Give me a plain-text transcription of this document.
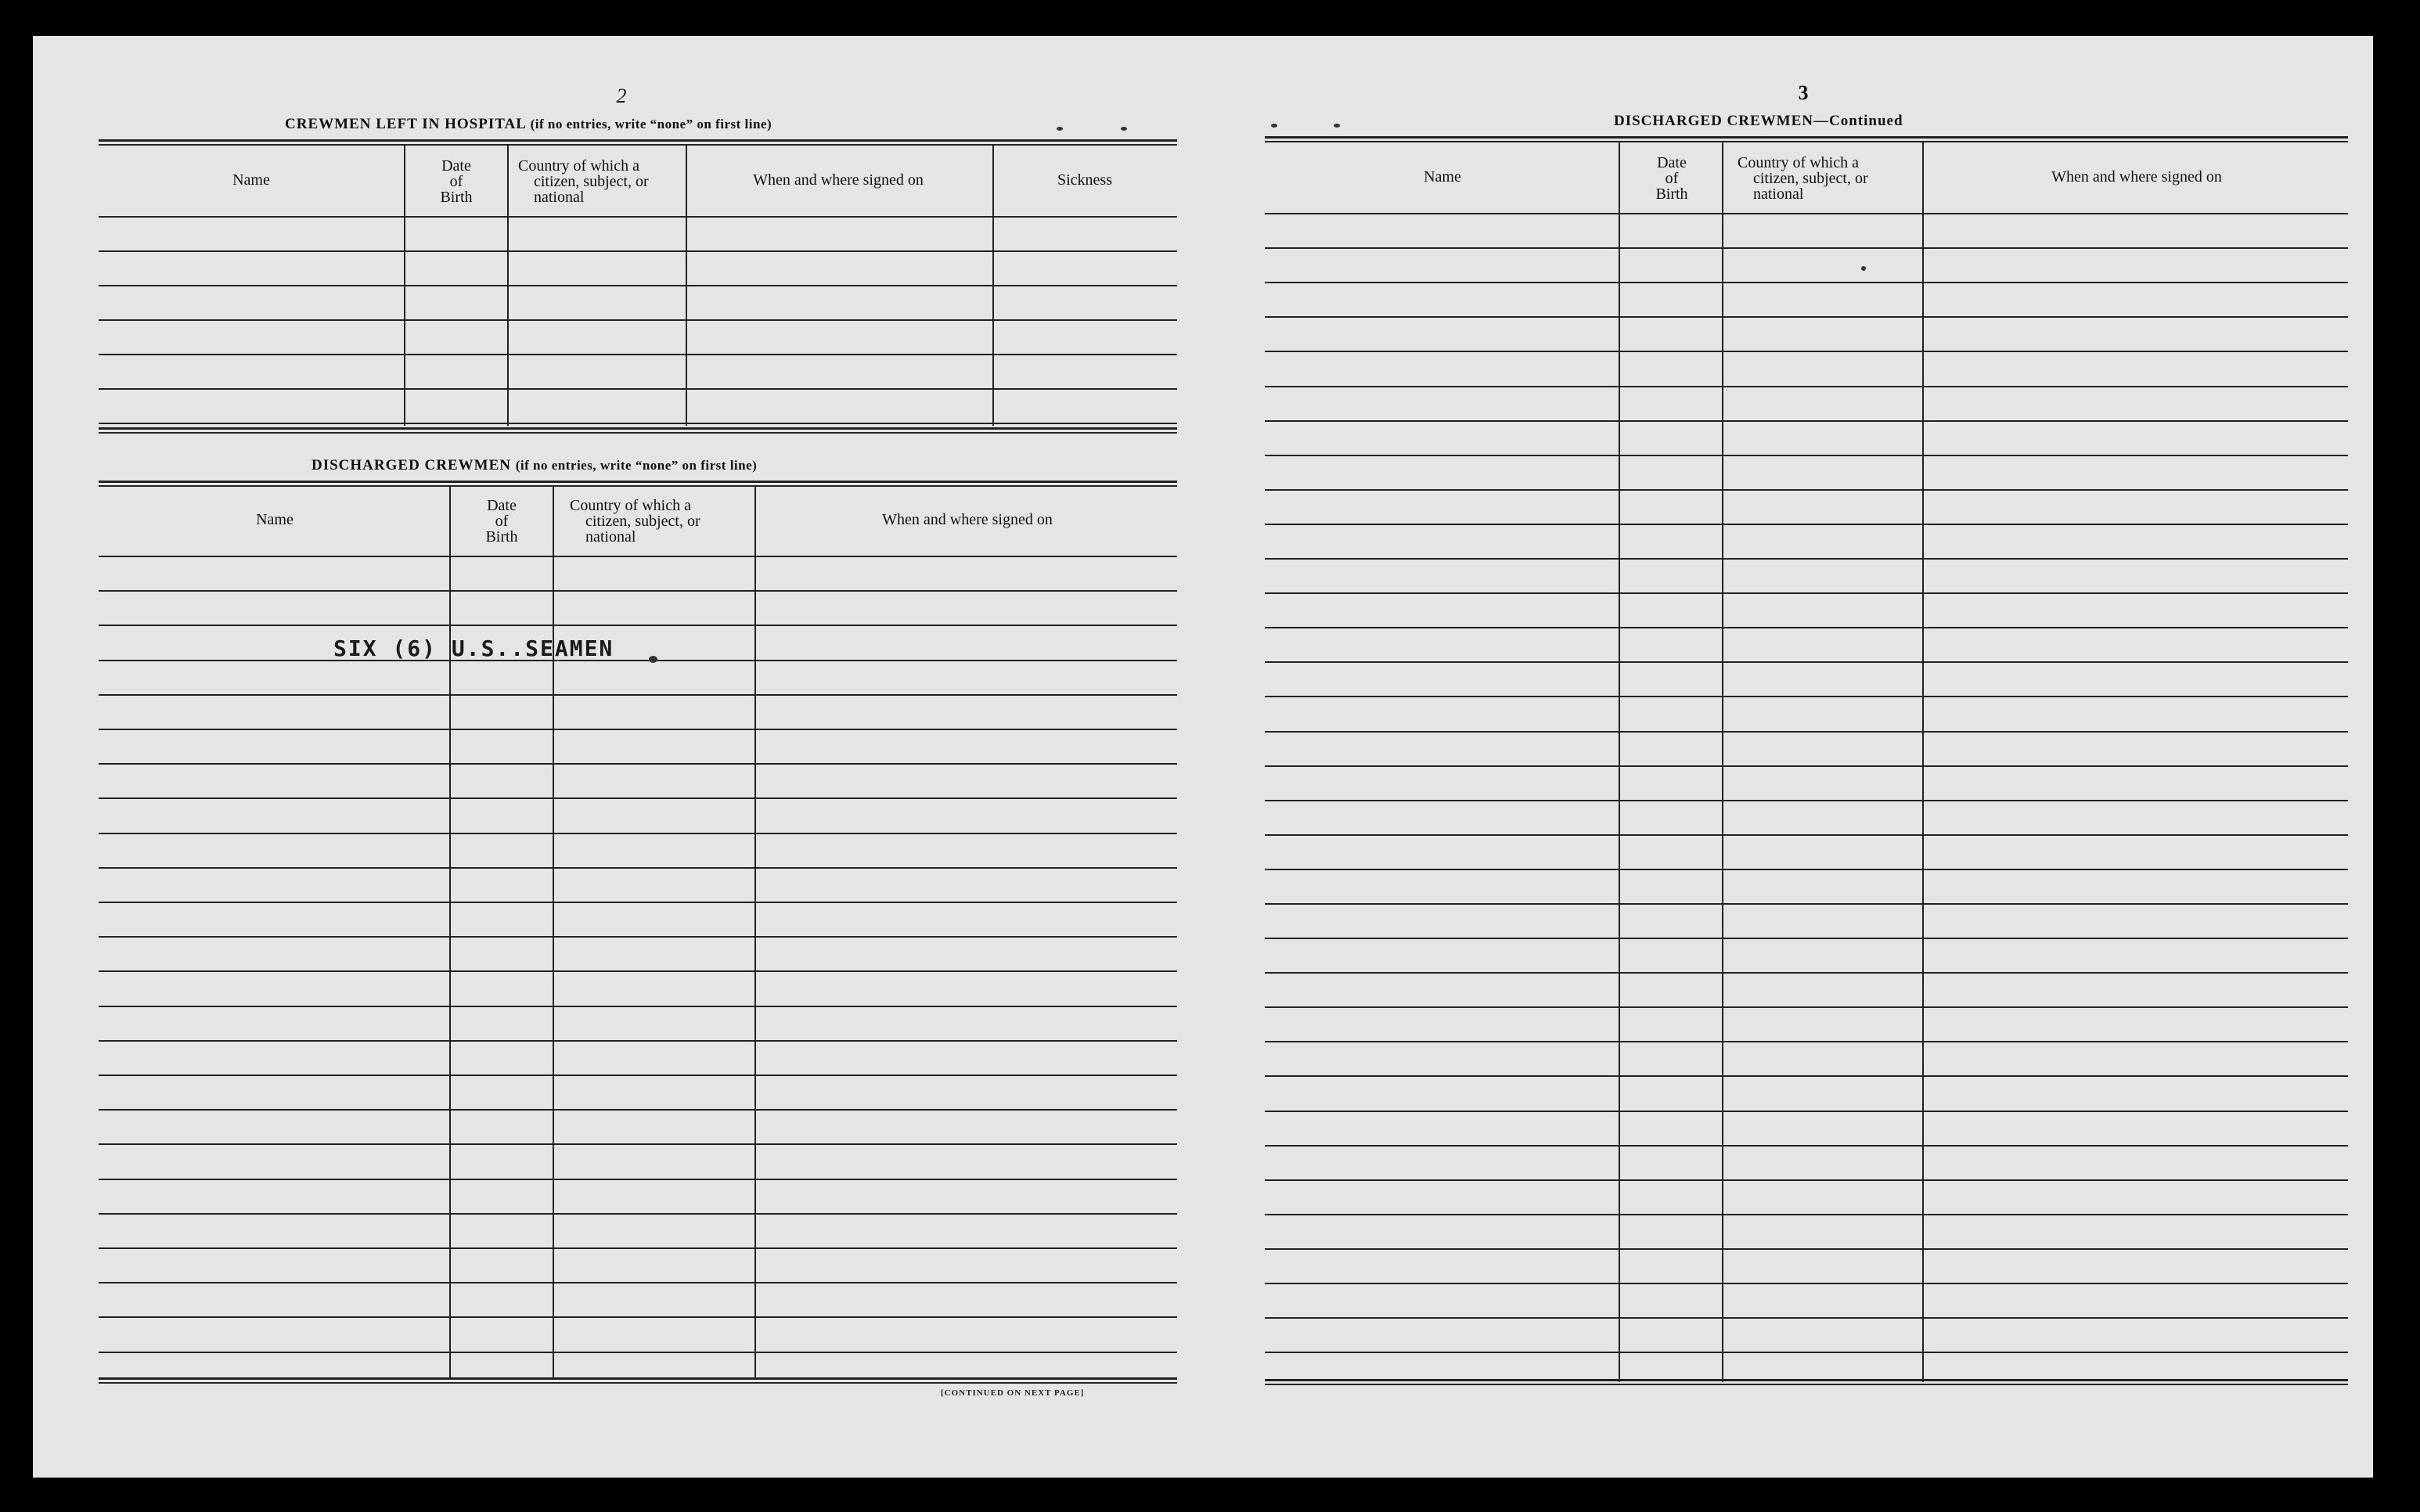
2
CREWMEN LEFT IN HOSPITAL (if no entries, write “none” on first line)
Name
Date
of
Birth
Country of which a
citizen, subject, or
national
When and where signed on	Sickness
DISCHARGED CREWMEN (if no entries, write “none” on first line)
Name
Date
of
Birth
Country of which a
citizen, subject, or
national
When and where signed on
SIX (6) U.S..SEAMEN
[CONTINUED ON NEXT PAGE]
3
DISCHARGED CREWMEN—Continued
Name
Date
of
Birth
Country of which a
citizen, subject, or
national
When and where signed on
